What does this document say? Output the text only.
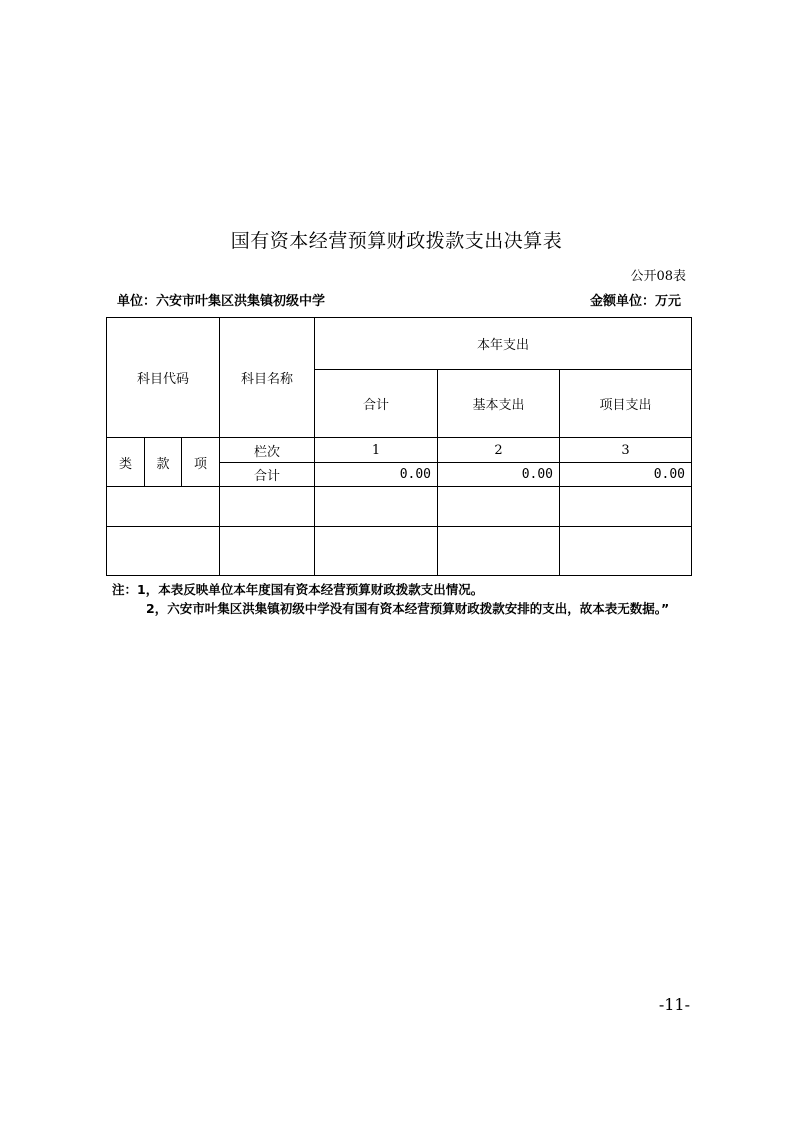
国有资本经营预算财政拨款支出决算表
公开08表
单位：六安市叶集区洪集镇初级中学	金额单位：万元
科目代码			科目名称	本年支出		
				合计	基本支出	项目支出
类	款	项	栏次	1	2	3
			合计	0.00	0.00	0.00

注：1，本表反映单位本年度国有资本经营预算财政拨款支出情况。
2，六安市叶集区洪集镇初级中学没有国有资本经营预算财政拨款安排的支出，故本表无数据。”
-11-
